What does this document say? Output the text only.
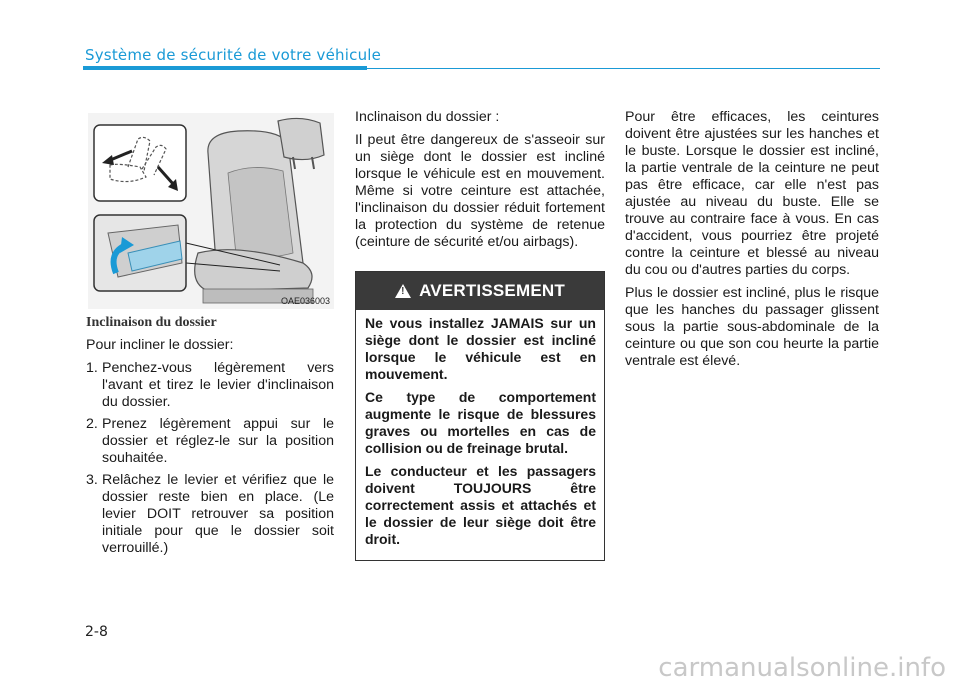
Système de sécurité de votre véhicule
OAE036003
Inclinaison du dossier

Pour incliner le dossier:

1. Penchez-vous légèrement vers l'avant et tirez le levier d'inclinaison du dossier.
2. Prenez légèrement appui sur le dossier et réglez-le sur la position souhaitée.
3. Relâchez le levier et vérifiez que le dossier reste bien en place. (Le levier DOIT retrouver sa position initiale pour que le dossier soit verrouillé.)

Inclinaison du dossier :

Il peut être dangereux de s'asseoir sur un siège dont le dossier est incliné lorsque le véhicule est en mouvement. Même si votre ceinture est attachée, l'inclinaison du dossier réduit fortement la protection du système de retenue (ceinture de sécurité et/ou airbags).

!
AVERTISSEMENT

Ne vous installez JAMAIS sur un siège dont le dossier est incliné lorsque le véhicule est en mouvement.

Ce type de comportement augmente le risque de blessures graves ou mortelles en cas de collision ou de freinage brutal.

Le conducteur et les passagers doivent TOUJOURS être correctement assis et attachés et le dossier de leur siège doit être droit.

Pour être efficaces, les ceintures doivent être ajustées sur les hanches et le buste. Lorsque le dossier est incliné, la partie ventrale de la ceinture ne peut pas être efficace, car elle n'est pas ajustée au niveau du buste. Elle se trouve au contraire face à vous. En cas d'accident, vous pourriez être projeté contre la ceinture et blessé au niveau du cou ou d'autres parties du corps.

Plus le dossier est incliné, plus le risque que les hanches du passager glissent sous la partie sous-abdominale de la ceinture ou que son cou heurte la partie ventrale est élevé.

2-8
carmanualsonline.info
